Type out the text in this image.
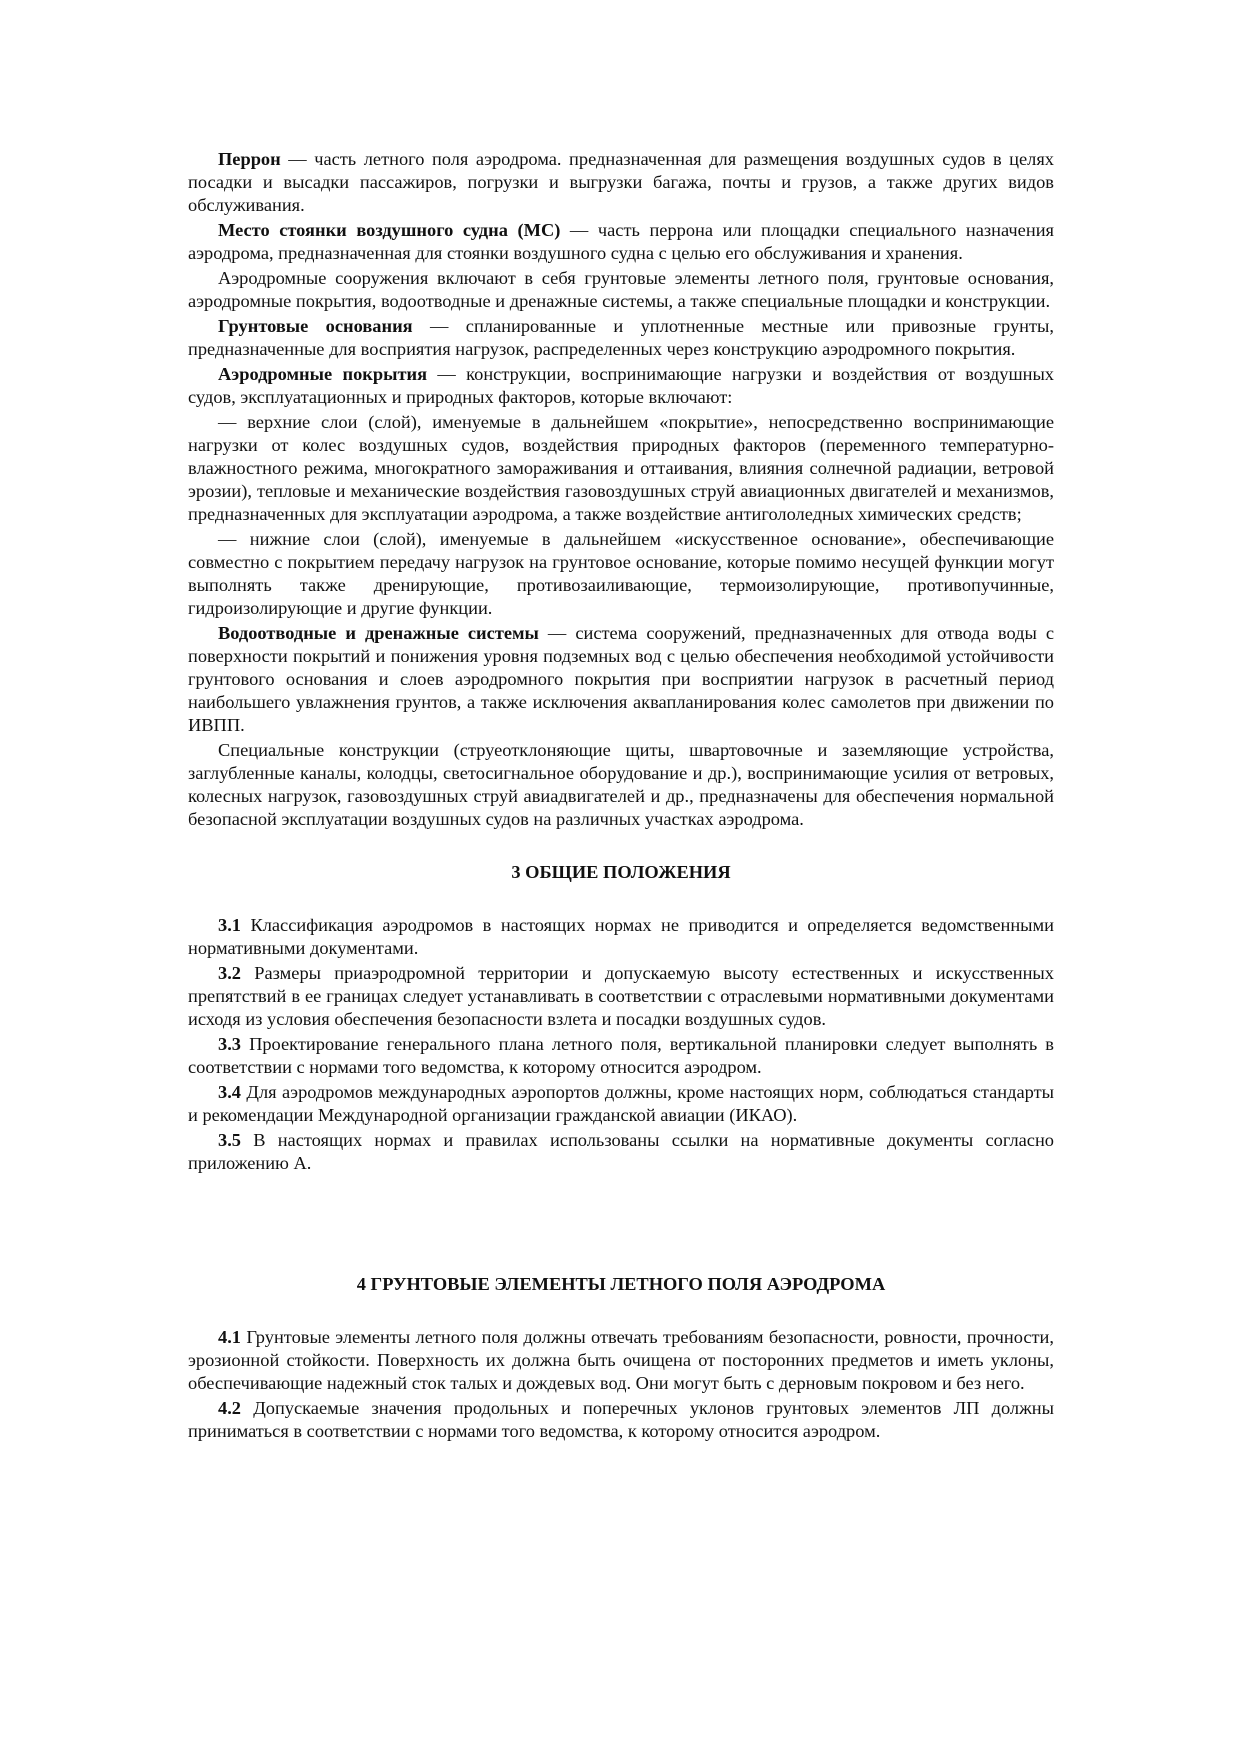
Перрон — часть летного поля аэродрома. предназначенная для размещения воздушных судов в целях посадки и высадки пассажиров, погрузки и выгрузки багажа, почты и грузов, а также других видов обслуживания.

Место стоянки воздушного судна (МС) — часть перрона или площадки специального назначения аэродрома, предназначенная для стоянки воздушного судна с целью его обслуживания и хранения.

Аэродромные сооружения включают в себя грунтовые элементы летного поля, грунтовые основания, аэродромные покрытия, водоотводные и дренажные системы, а также специальные площадки и конструкции.

Грунтовые основания — спланированные и уплотненные местные или привозные грунты, предназначенные для восприятия нагрузок, распределенных через конструкцию аэродромного покрытия.

Аэродромные покрытия — конструкции, воспринимающие нагрузки и воздействия от воздушных судов, эксплуатационных и природных факторов, которые включают:

— верхние слои (слой), именуемые в дальнейшем «покрытие», непосредственно воспринимающие нагрузки от колес воздушных судов, воздействия природных факторов (переменного температурно-влажностного режима, многократного замораживания и оттаивания, влияния солнечной радиации, ветровой эрозии), тепловые и механические воздействия газовоздушных струй авиационных двигателей и механизмов, предназначенных для эксплуатации аэродрома, а также воздействие антигололедных химических средств;

— нижние слои (слой), именуемые в дальнейшем «искусственное основание», обеспечивающие совместно с покрытием передачу нагрузок на грунтовое основание, которые помимо несущей функции могут выполнять также дренирующие, противозаиливающие, термоизолирующие, противопучинные, гидроизолирующие и другие функции.

Водоотводные и дренажные системы — система сооружений, предназначенных для отвода воды с поверхности покрытий и понижения уровня подземных вод с целью обеспечения необходимой устойчивости грунтового основания и слоев аэродромного покрытия при восприятии нагрузок в расчетный период наибольшего увлажнения грунтов, а также исключения аквапланирования колес самолетов при движении по ИВПП.

Специальные конструкции (струеотклоняющие щиты, швартовочные и заземляющие устройства, заглубленные каналы, колодцы, светосигнальное оборудование и др.), воспринимающие усилия от ветровых, колесных нагрузок, газовоздушных струй авиадвигателей и др., предназначены для обеспечения нормальной безопасной эксплуатации воздушных судов на различных участках аэродрома.

3 ОБЩИЕ ПОЛОЖЕНИЯ

3.1 Классификация аэродромов в настоящих нормах не приводится и определяется ведомственными нормативными документами.

3.2 Размеры приаэродромной территории и допускаемую высоту естественных и искусственных препятствий в ее границах следует устанавливать в соответствии с отраслевыми нормативными документами исходя из условия обеспечения безопасности взлета и посадки воздушных судов.

3.3 Проектирование генерального плана летного поля, вертикальной планировки следует выполнять в соответствии с нормами того ведомства, к которому относится аэродром.

3.4 Для аэродромов международных аэропортов должны, кроме настоящих норм, соблюдаться стандарты и рекомендации Международной организации гражданской авиации (ИКАО).

3.5 В настоящих нормах и правилах использованы ссылки на нормативные документы согласно приложению А.

4 ГРУНТОВЫЕ ЭЛЕМЕНТЫ ЛЕТНОГО ПОЛЯ АЭРОДРОМА

4.1 Грунтовые элементы летного поля должны отвечать требованиям безопасности, ровности, прочности, эрозионной стойкости. Поверхность их должна быть очищена от посторонних предметов и иметь уклоны, обеспечивающие надежный сток талых и дождевых вод. Они могут быть с дерновым покровом и без него.

4.2 Допускаемые значения продольных и поперечных уклонов грунтовых элементов ЛП должны приниматься в соответствии с нормами того ведомства, к которому относится аэродром.
